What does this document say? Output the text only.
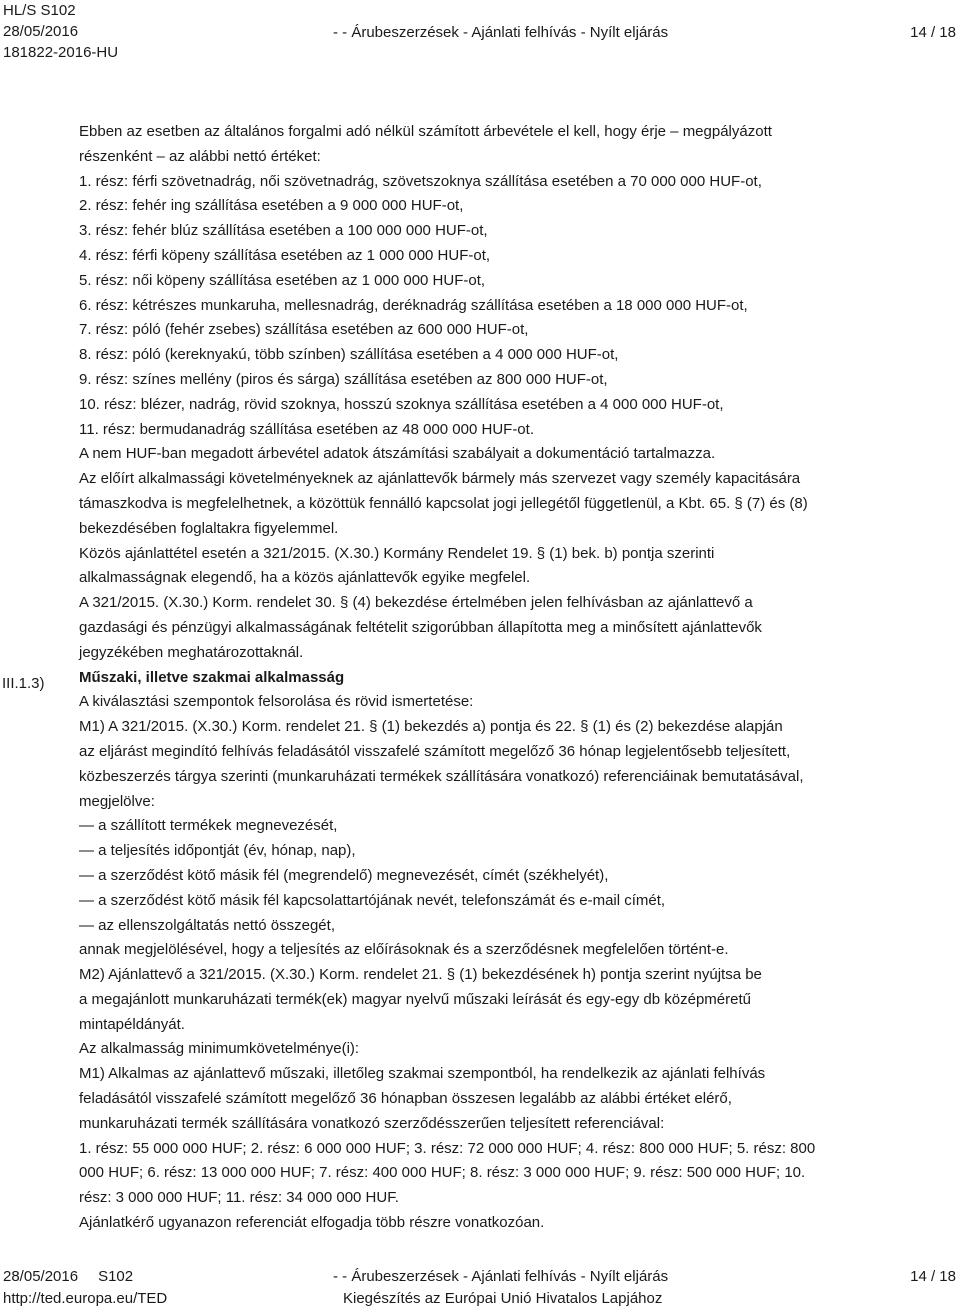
HL/S S102
28/05/2016
181822-2016-HU
- - Árubeszerzések - Ajánlati felhívás - Nyílt eljárás	14 / 18
III.1.3)
Ebben az esetben az általános forgalmi adó nélkül számított árbevétele el kell, hogy érje – megpályázott
részenként – az alábbi nettó értéket:
1. rész: férfi szövetnadrág, női szövetnadrág, szövetszoknya szállítása esetében a 70 000 000 HUF-ot,
2. rész: fehér ing szállítása esetében a 9 000 000 HUF-ot,
3. rész: fehér blúz szállítása esetében a 100 000 000 HUF-ot,
4. rész: férfi köpeny szállítása esetében az 1 000 000 HUF-ot,
5. rész: női köpeny szállítása esetében az 1 000 000 HUF-ot,
6. rész: kétrészes munkaruha, mellesnadrág, deréknadrág szállítása esetében a 18 000 000 HUF-ot,
7. rész: póló (fehér zsebes) szállítása esetében az 600 000 HUF-ot,
8. rész: póló (kereknyakú, több színben) szállítása esetében a 4 000 000 HUF-ot,
9. rész: színes mellény (piros és sárga) szállítása esetében az 800 000 HUF-ot,
10. rész: blézer, nadrág, rövid szoknya, hosszú szoknya szállítása esetében a 4 000 000 HUF-ot,
11. rész: bermudanadrág szállítása esetében az 48 000 000 HUF-ot.
A nem HUF-ban megadott árbevétel adatok átszámítási szabályait a dokumentáció tartalmazza.
Az előírt alkalmassági követelményeknek az ajánlattevők bármely más szervezet vagy személy kapacitására
támaszkodva is megfelelhetnek, a közöttük fennálló kapcsolat jogi jellegétől függetlenül, a Kbt. 65. § (7) és (8)
bekezdésében foglaltakra figyelemmel.
Közös ajánlattétel esetén a 321/2015. (X.30.) Kormány Rendelet 19. § (1) bek. b) pontja szerinti
alkalmasságnak elegendő, ha a közös ajánlattevők egyike megfelel.
A 321/2015. (X.30.) Korm. rendelet 30. § (4) bekezdése értelmében jelen felhívásban az ajánlattevő a
gazdasági és pénzügyi alkalmasságának feltételit szigorúbban állapította meg a minősített ajánlattevők
jegyzékében meghatározottaknál.
Műszaki, illetve szakmai alkalmasság
A kiválasztási szempontok felsorolása és rövid ismertetése:
M1) A 321/2015. (X.30.) Korm. rendelet 21. § (1) bekezdés a) pontja és 22. § (1) és (2) bekezdése alapján
az eljárást megindító felhívás feladásától visszafelé számított megelőző 36 hónap legjelentősebb teljesített,
közbeszerzés tárgya szerinti (munkaruházati termékek szállítására vonatkozó) referenciáinak bemutatásával,
megjelölve:
— a szállított termékek megnevezését,
— a teljesítés időpontját (év, hónap, nap),
— a szerződést kötő másik fél (megrendelő) megnevezését, címét (székhelyét),
— a szerződést kötő másik fél kapcsolattartójának nevét, telefonszámát és e-mail címét,
— az ellenszolgáltatás nettó összegét,
annak megjelölésével, hogy a teljesítés az előírásoknak és a szerződésnek megfelelően történt-e.
M2) Ajánlattevő a 321/2015. (X.30.) Korm. rendelet 21. § (1) bekezdésének h) pontja szerint nyújtsa be
a megajánlott munkaruházati termék(ek) magyar nyelvű műszaki leírását és egy-egy db középméretű
mintapéldányát.
Az alkalmasság minimumkövetelménye(i):
M1) Alkalmas az ajánlattevő műszaki, illetőleg szakmai szempontból, ha rendelkezik az ajánlati felhívás
feladásától visszafelé számított megelőző 36 hónapban összesen legalább az alábbi értéket elérő,
munkaruházati termék szállítására vonatkozó szerződésszerűen teljesített referenciával:
1. rész: 55 000 000 HUF; 2. rész: 6 000 000 HUF; 3. rész: 72 000 000 HUF; 4. rész: 800 000 HUF; 5. rész: 800
000 HUF; 6. rész: 13 000 000 HUF; 7. rész: 400 000 HUF; 8. rész: 3 000 000 HUF; 9. rész: 500 000 HUF; 10.
rész: 3 000 000 HUF; 11. rész: 34 000 000 HUF.
Ajánlatkérő ugyanazon referenciát elfogadja több részre vonatkozóan.
28/05/2016 S102
http://ted.europa.eu/TED
- - Árubeszerzések - Ajánlati felhívás - Nyílt eljárás
Kiegészítés az Európai Unió Hivatalos Lapjához
14 / 18
